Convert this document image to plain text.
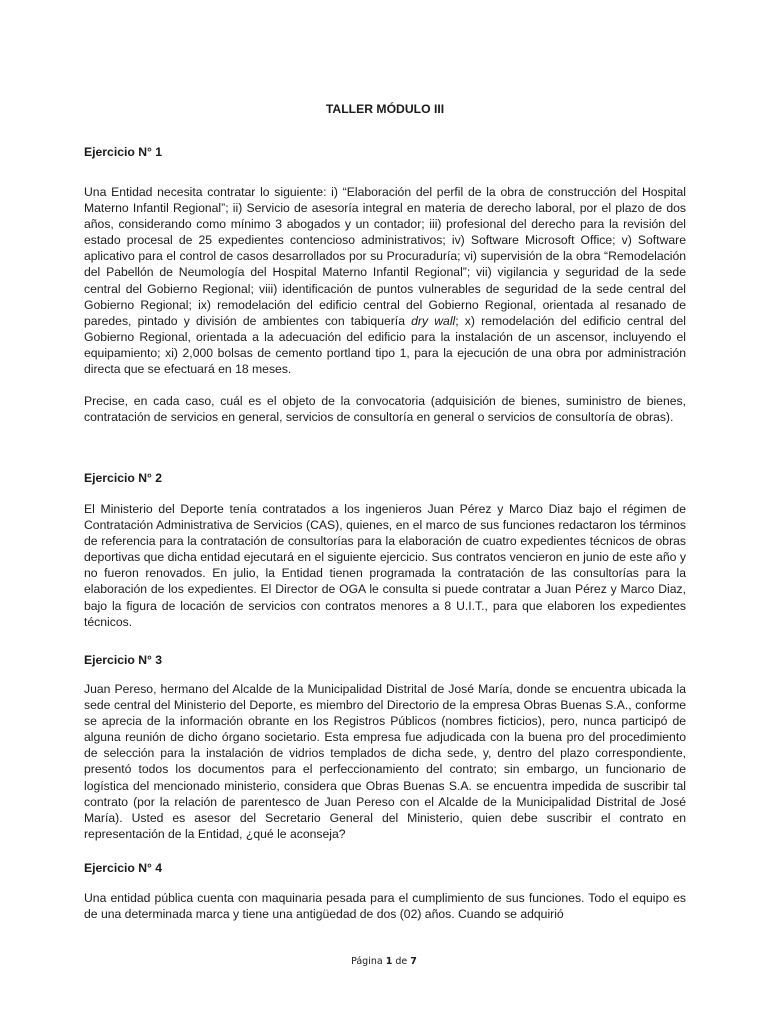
TALLER MÓDULO III
Ejercicio N° 1

Una Entidad necesita contratar lo siguiente: i) “Elaboración del perfil de la obra de construcción del Hospital Materno Infantil Regional”; ii) Servicio de asesoría integral en materia de derecho laboral, por el plazo de dos años, considerando como mínimo 3 abogados y un contador; iii) profesional del derecho para la revisión del estado procesal de 25 expedientes contencioso administrativos; iv) Software Microsoft Office; v) Software aplicativo para el control de casos desarrollados por su Procuraduría; vi) supervisión de la obra “Remodelación del Pabellón de Neumología del Hospital Materno Infantil Regional”; vii) vigilancia y seguridad de la sede central del Gobierno Regional; viii) identificación de puntos vulnerables de seguridad de la sede central del Gobierno Regional; ix) remodelación del edificio central del Gobierno Regional, orientada al resanado de paredes, pintado y división de ambientes con tabiquería dry wall; x) remodelación del edificio central del Gobierno Regional, orientada a la adecuación del edificio para la instalación de un ascensor, incluyendo el equipamiento; xi) 2,000 bolsas de cemento portland tipo 1, para la ejecución de una obra por administración directa que se efectuará en 18 meses.

Precise, en cada caso, cuál es el objeto de la convocatoria (adquisición de bienes, suministro de bienes, contratación de servicios en general, servicios de consultoría en general o servicios de consultoría de obras).

Ejercicio N° 2

El Ministerio del Deporte tenía contratados a los ingenieros Juan Pérez y Marco Diaz bajo el régimen de Contratación Administrativa de Servicios (CAS), quienes, en el marco de sus funciones redactaron los términos de referencia para la contratación de consultorías para la elaboración de cuatro expedientes técnicos de obras deportivas que dicha entidad ejecutará en el siguiente ejercicio. Sus contratos vencieron en junio de este año y no fueron renovados. En julio, la Entidad tienen programada la contratación de las consultorías para la elaboración de los expedientes. El Director de OGA le consulta si puede contratar a Juan Pérez y Marco Diaz, bajo la figura de locación de servicios con contratos menores a 8 U.I.T., para que elaboren los expedientes técnicos.

Ejercicio N° 3

Juan Pereso, hermano del Alcalde de la Municipalidad Distrital de José María, donde se encuentra ubicada la sede central del Ministerio del Deporte, es miembro del Directorio de la empresa Obras Buenas S.A., conforme se aprecia de la información obrante en los Registros Públicos (nombres ficticios), pero, nunca participó de alguna reunión de dicho órgano societario. Esta empresa fue adjudicada con la buena pro del procedimiento de selección para la instalación de vidrios templados de dicha sede, y, dentro del plazo correspondiente, presentó todos los documentos para el perfeccionamiento del contrato; sin embargo, un funcionario de logística del mencionado ministerio, considera que Obras Buenas S.A. se encuentra impedida de suscribir tal contrato (por la relación de parentesco de Juan Pereso con el Alcalde de la Municipalidad Distrital de José María). Usted es asesor del Secretario General del Ministerio, quien debe suscribir el contrato en representación de la Entidad, ¿qué le aconseja?

Ejercicio N° 4

Una entidad pública cuenta con maquinaria pesada para el cumplimiento de sus funciones. Todo el equipo es de una determinada marca y tiene una antigüedad de dos (02) años. Cuando se adquirió

Página 1 de 7
